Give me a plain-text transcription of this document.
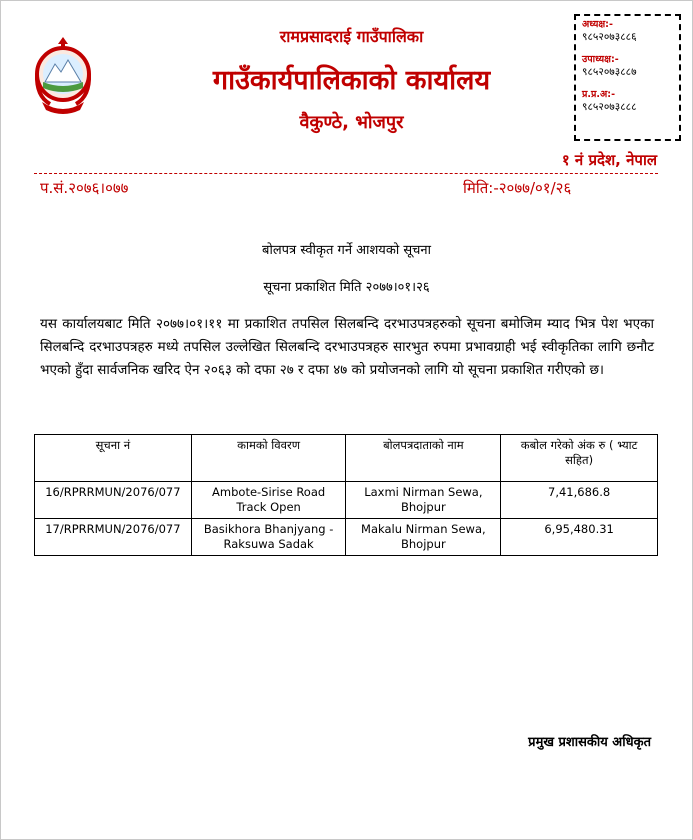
रामप्रसादराई गाउँपालिका
गाउँकार्यपालिकाको कार्यालय
वैकुण्ठे, भोजपुर
अध्यक्ष:-
९८५२०७३८८६
उपाध्यक्ष:-
९८५२०७३८८७
प्र.प्र.अ:-
९८५२०७३८८८
१ नं प्रदेश, नेपाल
प.सं.२०७६।०७७	मिति:-२०७७/०१/२६
बोलपत्र स्वीकृत गर्ने आशयको सूचना
सूचना प्रकाशित मिति २०७७।०१।२६
यस कार्यालयबाट मिति २०७७।०१।११ मा प्रकाशित तपसिल सिलबन्दि दरभाउपत्रहरुको सूचना बमोजिम म्याद भित्र पेश भएका सिलबन्दि दरभाउपत्रहरु मध्ये तपसिल उल्लेखित सिलबन्दि दरभाउपत्रहरु सारभुत रुपमा प्रभावग्राही भई स्वीकृतिका लागि छनौट भएको हुँदा सार्वजनिक खरिद ऐन २०६३ को दफा २७ र दफा ४७ को प्रयोजनको लागि यो सूचना प्रकाशित गरीएको छ।
सूचना नं	कामको विवरण	बोलपत्रदाताको नाम	कबोल गरेको अंक रु ( भ्याट सहित)
16/RPRRMUN/2076/077	Ambote-Sirise Road Track Open	Laxmi Nirman Sewa, Bhojpur	7,41,686.8
17/RPRRMUN/2076/077	Basikhora Bhanjyang - Raksuwa Sadak	Makalu Nirman Sewa, Bhojpur	6,95,480.31
प्रमुख प्रशासकीय अधिकृत
